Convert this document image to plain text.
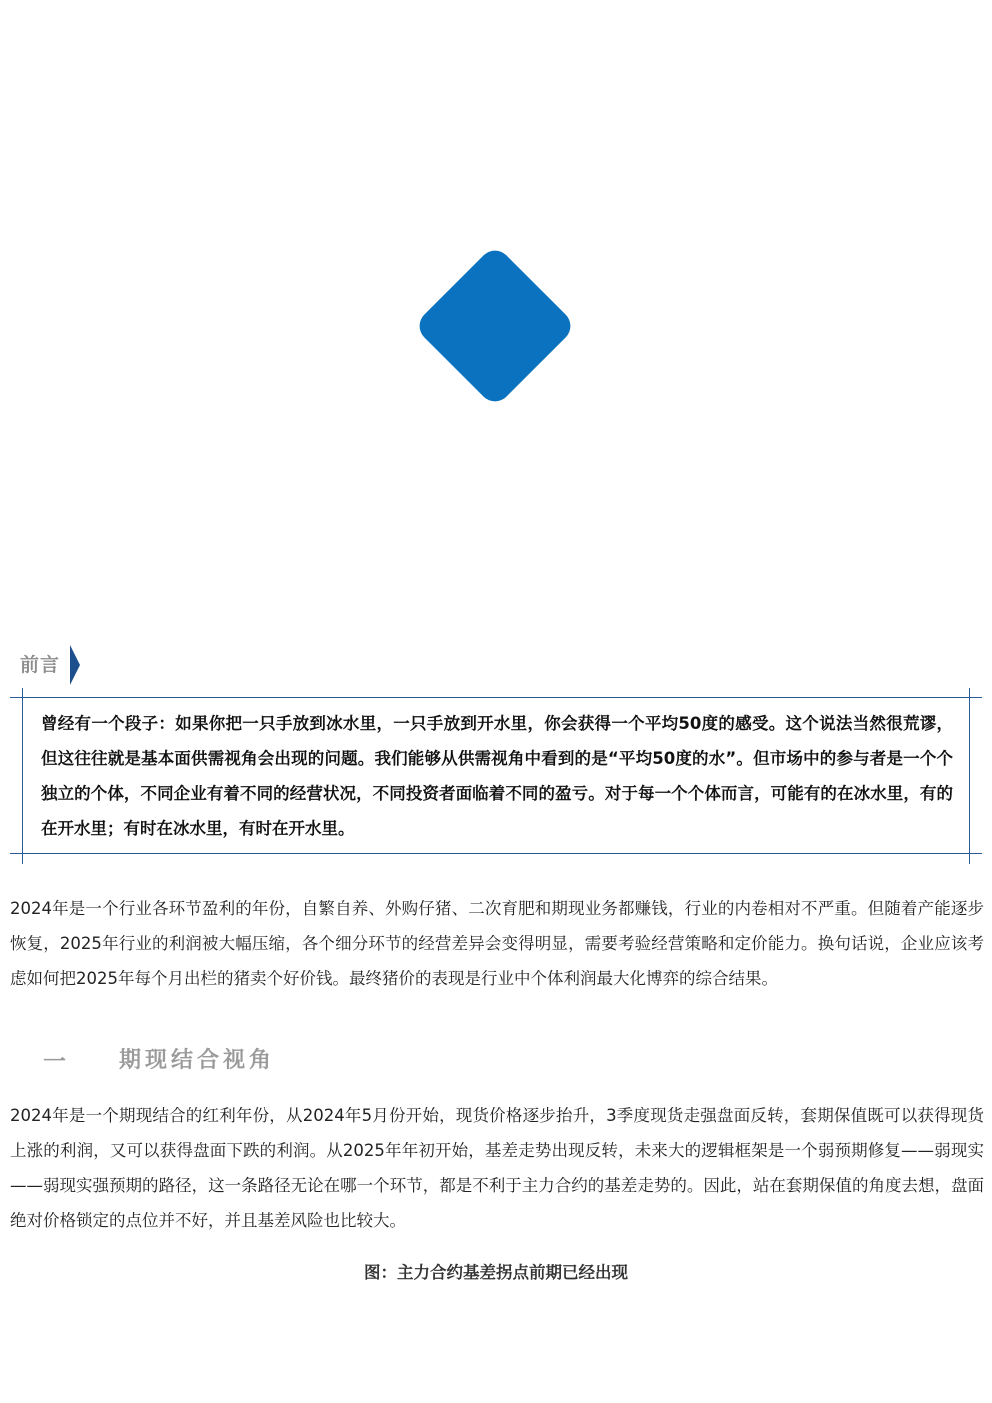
前言

曾经有一个段子：如果你把一只手放到冰水里，一只手放到开水里，你会获得一个平均50度的感受。这个说法当然很荒谬，但这往往就是基本面供需视角会出现的问题。我们能够从供需视角中看到的是“平均50度的水”。但市场中的参与者是一个个独立的个体，不同企业有着不同的经营状况，不同投资者面临着不同的盈亏。对于每一个个体而言，可能有的在冰水里，有的在开水里；有时在冰水里，有时在开水里。

2024年是一个行业各环节盈利的年份，自繁自养、外购仔猪、二次育肥和期现业务都赚钱，行业的内卷相对不严重。但随着产能逐步恢复，2025年行业的利润被大幅压缩，各个细分环节的经营差异会变得明显，需要考验经营策略和定价能力。换句话说，企业应该考虑如何把2025年每个月出栏的猪卖个好价钱。最终猪价的表现是行业中个体利润最大化博弈的综合结果。

一 期现结合视角

2024年是一个期现结合的红利年份，从2024年5月份开始，现货价格逐步抬升，3季度现货走强盘面反转，套期保值既可以获得现货上涨的利润，又可以获得盘面下跌的利润。从2025年年初开始，基差走势出现反转，未来大的逻辑框架是一个弱预期修复——弱现实——弱现实强预期的路径，这一条路径无论在哪一个环节，都是不利于主力合约的基差走势的。因此，站在套期保值的角度去想，盘面绝对价格锁定的点位并不好，并且基差风险也比较大。

图：主力合约基差拐点前期已经出现
